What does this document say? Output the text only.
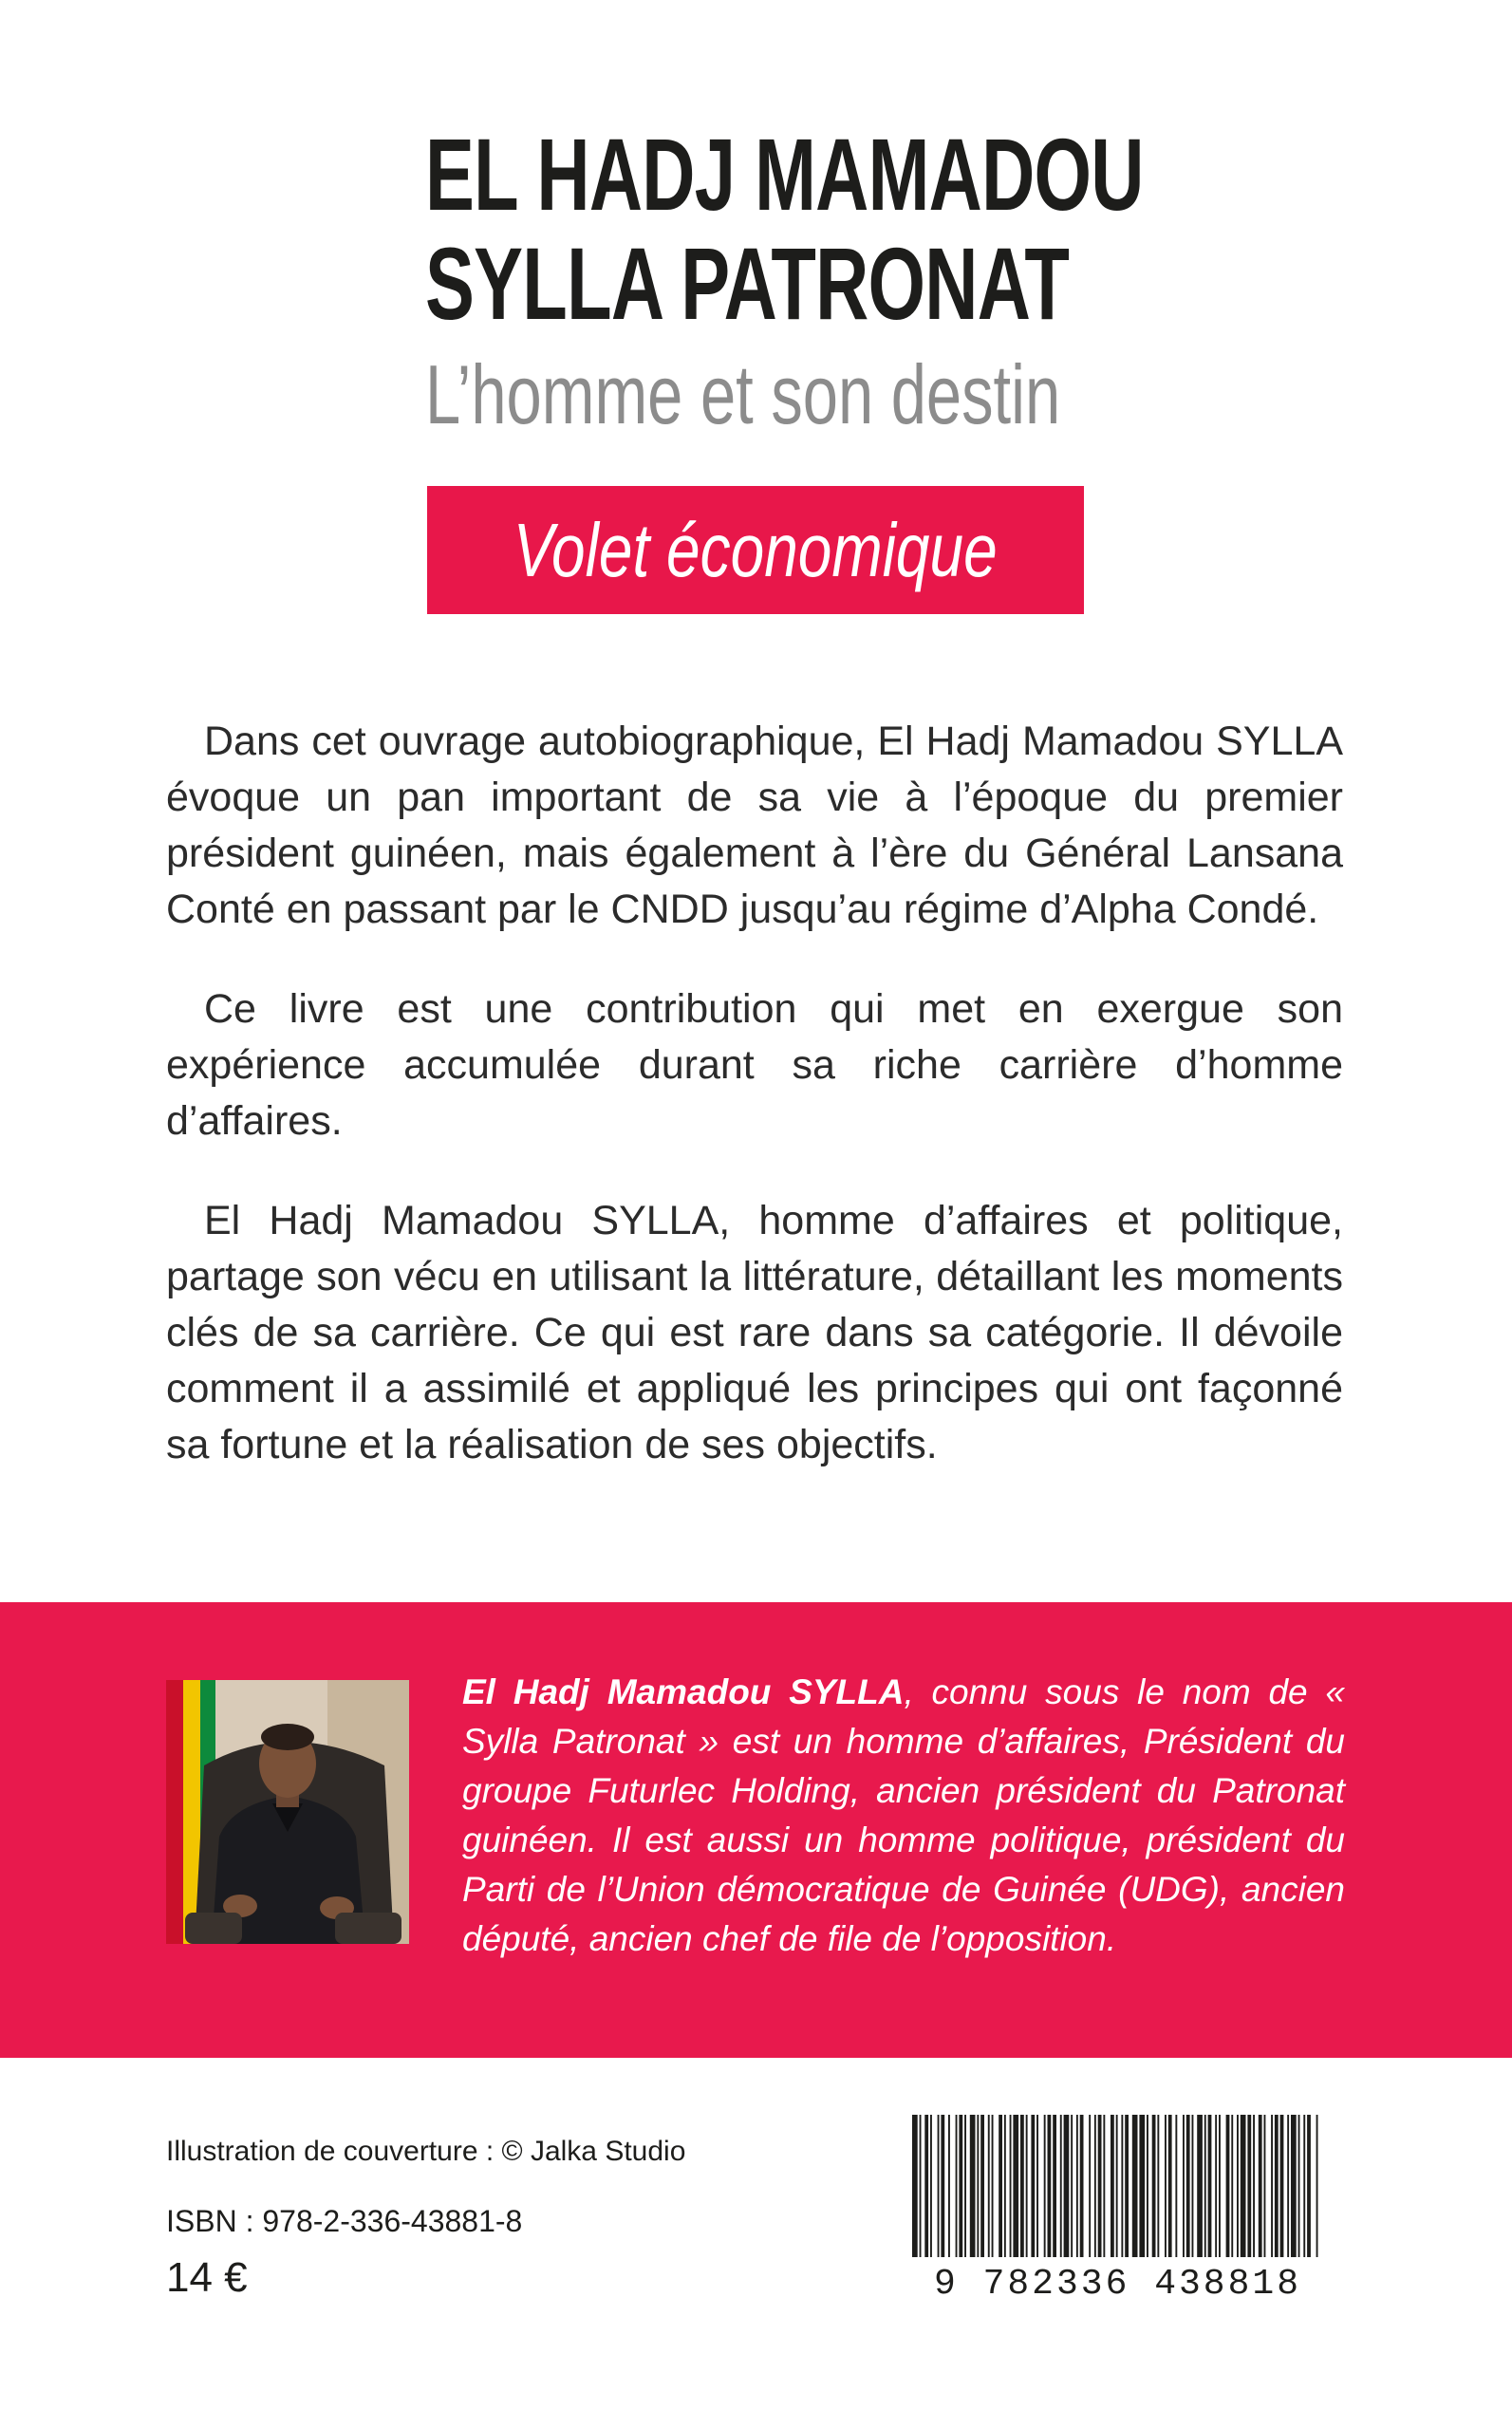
EL HADJ MAMADOU
SYLLA PATRONAT
L’homme et son destin
Volet économique

Dans cet ouvrage autobiographique, El Hadj Mamadou SYLLA évoque un pan important de sa vie à l’époque du premier président guinéen, mais également à l’ère du Général Lansana Conté en passant par le CNDD jusqu’au régime d’Alpha Condé.

Ce livre est une contribution qui met en exergue son expérience accumulée durant sa riche carrière d’homme d’affaires.

El Hadj Mamadou SYLLA, homme d’affaires et politique, partage son vécu en utilisant la littérature, détaillant les moments clés de sa carrière. Ce qui est rare dans sa catégorie. Il dévoile comment il a assimilé et appliqué les principes qui ont façonné sa fortune et la réalisation de ses objectifs.

El Hadj Mamadou SYLLA, connu sous le nom de « Sylla Patronat » est un homme d’affaires, Président du groupe Futurlec Holding, ancien président du Patronat guinéen. Il est aussi un homme politique, président du Parti de l’Union démocratique de Guinée (UDG), ancien député, ancien chef de file de l’opposition.

Illustration de couverture : © Jalka Studio
ISBN : 978-2-336-43881-8
14 €	9 782336 438818
